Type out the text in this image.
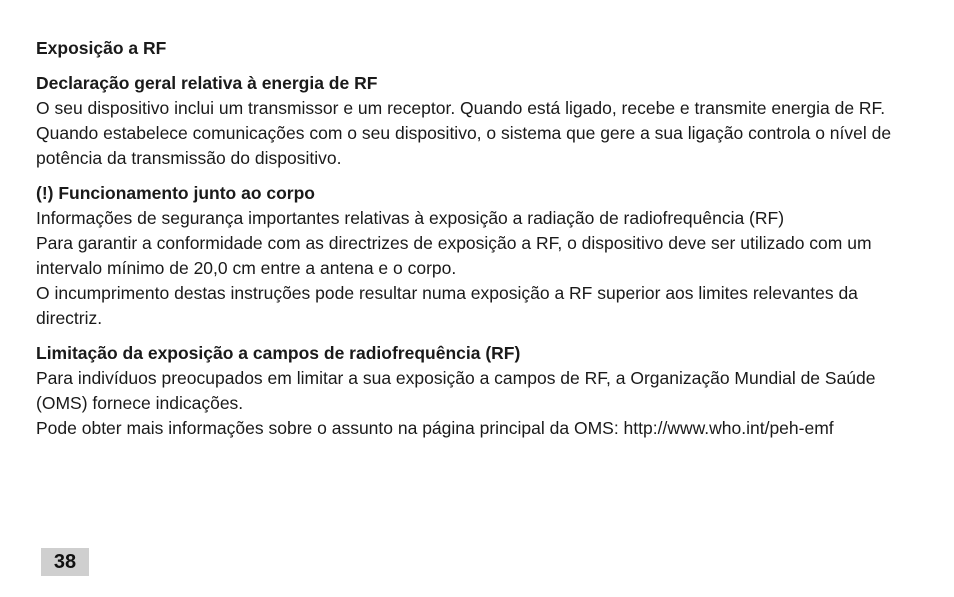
Exposição a RF

Declaração geral relativa à energia de RF

O seu dispositivo inclui um transmissor e um receptor. Quando está ligado, recebe e transmite energia de RF.

Quando estabelece comunicações com o seu dispositivo, o sistema que gere a sua ligação controla o nível de potência da transmissão do dispositivo.

(!) Funcionamento junto ao corpo

Informações de segurança importantes relativas à exposição a radiação de radiofrequência (RF)

Para garantir a conformidade com as directrizes de exposição a RF, o dispositivo deve ser utilizado com um intervalo mínimo de 20,0 cm entre a antena e o corpo.

O incumprimento destas instruções pode resultar numa exposição a RF superior aos limites relevantes da directriz.

Limitação da exposição a campos de radiofrequência (RF)

Para indivíduos preocupados em limitar a sua exposição a campos de RF, a Organização Mundial de Saúde (OMS) fornece indicações.

Pode obter mais informações sobre o assunto na página principal da OMS: http://www.who.int/peh-emf

38
